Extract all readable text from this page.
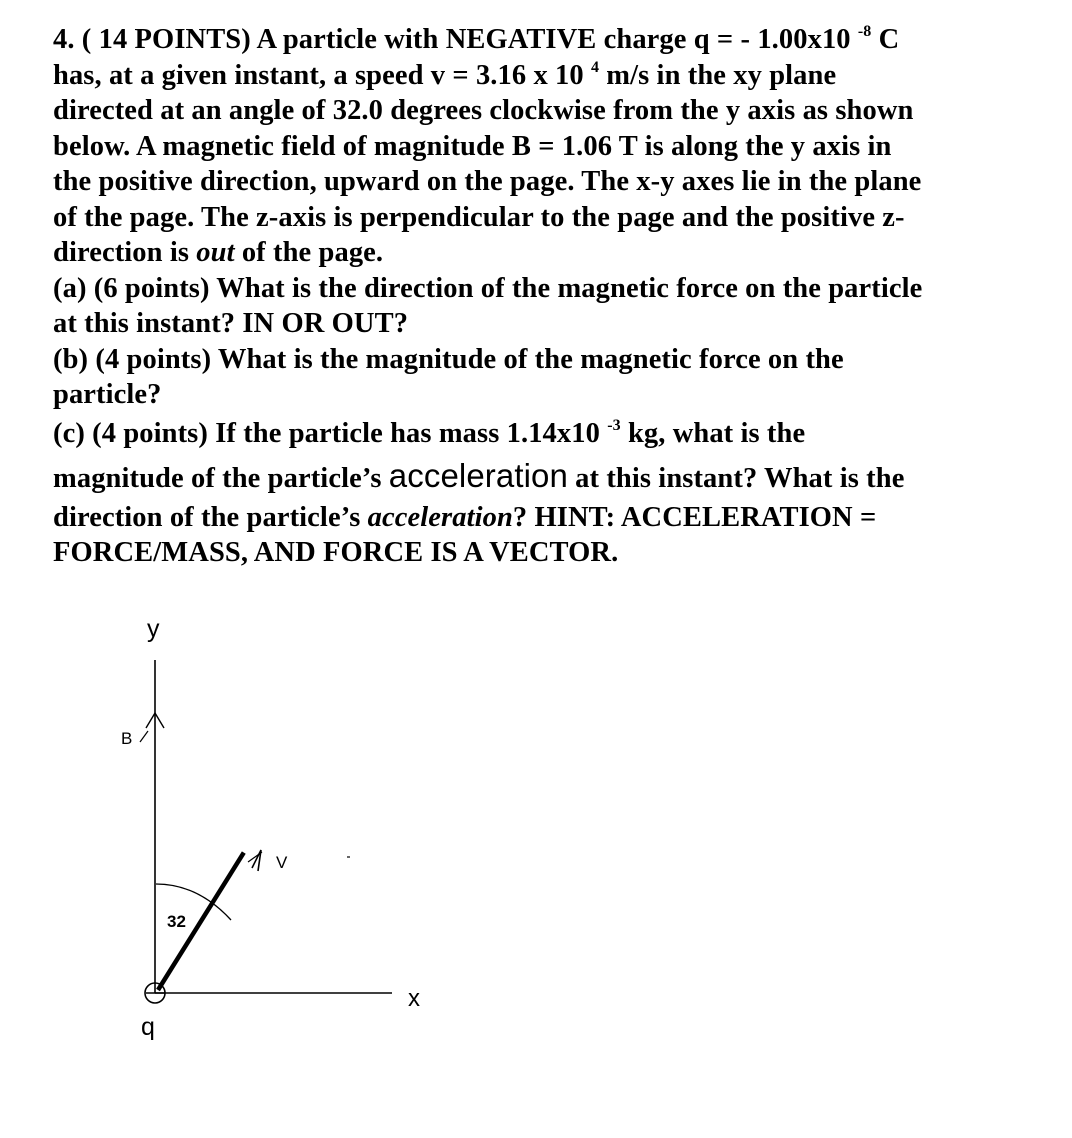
4. ( 14 POINTS) A particle with NEGATIVE charge q = - 1.00x10 $^{-8}$ C
has, at a given instant, a speed v = 3.16 x 10 $^4$ m/s in the xy plane
directed at an angle of 32.0 degrees clockwise from the y axis as shown
below. A magnetic field of magnitude B = 1.06 T is along the y axis in
the positive direction, upward on the page. The x-y axes lie in the plane
of the page. The z-axis is perpendicular to the page and the positive z-
direction is out of the page.
(a) (6 points) What is the direction of the magnetic force on the particle
at this instant? IN OR OUT?
(b) (4 points) What is the magnitude of the magnetic force on the
particle?
(c) (4 points) If the particle has mass 1.14x10 $^{-3}$ kg, what is the
magnitude of the particle’s acceleration at this instant? What is the
direction of the particle’s acceleration? HINT: ACCELERATION =
FORCE/MASS, AND FORCE IS A VECTOR.
y
B
V
32
x
q
